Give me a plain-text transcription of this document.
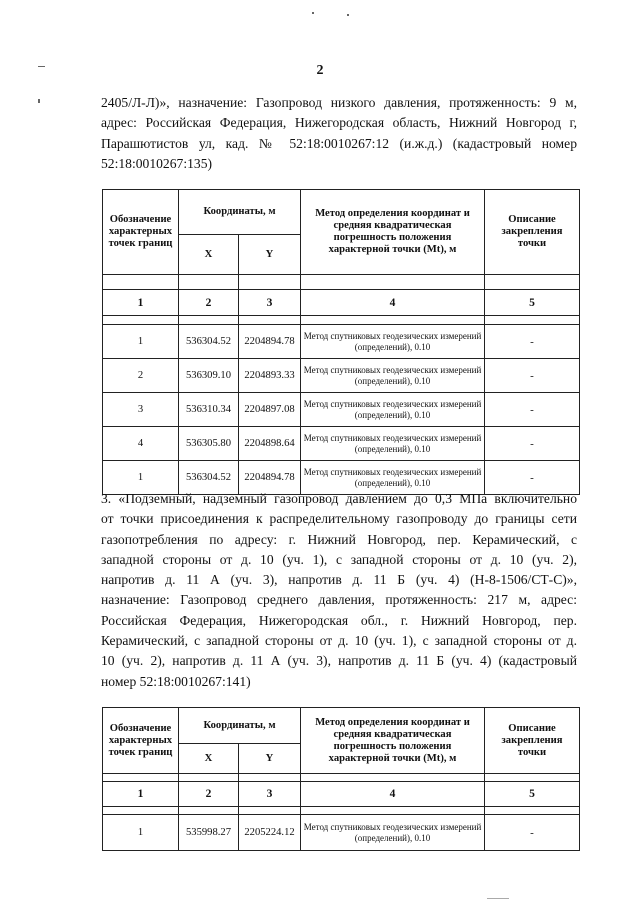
2
2405/Л-Л)», назначение: Газопровод низкого давления, протяженность: 9 м,
адрес: Российская Федерация, Нижегородская область, Нижний Новгород г,
Парашютистов ул, кад. № 52:18:0010267:12 (и.ж.д.) (кадастровый номер
52:18:0010267:135)
Обозначение характерных точек границ	Координаты, м		Метод определения координат и средняя квадратическая погрешность положения характерной точки (Mt), м	Описание закрепления точки
	X	Y		

1	2	3	4	5

1	536304.52	2204894.78	Метод спутниковых геодезических измерений (определений), 0.10	-
2	536309.10	2204893.33	Метод спутниковых геодезических измерений (определений), 0.10	-
3	536310.34	2204897.08	Метод спутниковых геодезических измерений (определений), 0.10	-
4	536305.80	2204898.64	Метод спутниковых геодезических измерений (определений), 0.10	-
1	536304.52	2204894.78	Метод спутниковых геодезических измерений (определений), 0.10	-
3. «Подземный, надземный газопровод давлением до 0,3 МПа включительно
от точки присоединения к распределительному газопроводу до границы сети
газопотребления по адресу: г. Нижний Новгород, пер. Керамический, с
западной стороны от д. 10 (уч. 1), с западной стороны от д. 10 (уч. 2),
напротив д. 11 А (уч. 3), напротив д. 11 Б (уч. 4) (Н-8-1506/СТ-С)»,
назначение: Газопровод среднего давления, протяженность: 217 м, адрес:
Российская Федерация, Нижегородская обл., г. Нижний Новгород, пер.
Керамический, с западной стороны от д. 10 (уч. 1), с западной стороны от д.
10 (уч. 2), напротив д. 11 А (уч. 3), напротив д. 11 Б (уч. 4) (кадастровый
номер 52:18:0010267:141)
Обозначение характерных точек границ	Координаты, м		Метод определения координат и средняя квадратическая погрешность положения характерной точки (Mt), м	Описание закрепления точки
	X	Y		

1	2	3	4	5

1	535998.27	2205224.12	Метод спутниковых геодезических измерений (определений), 0.10	-
